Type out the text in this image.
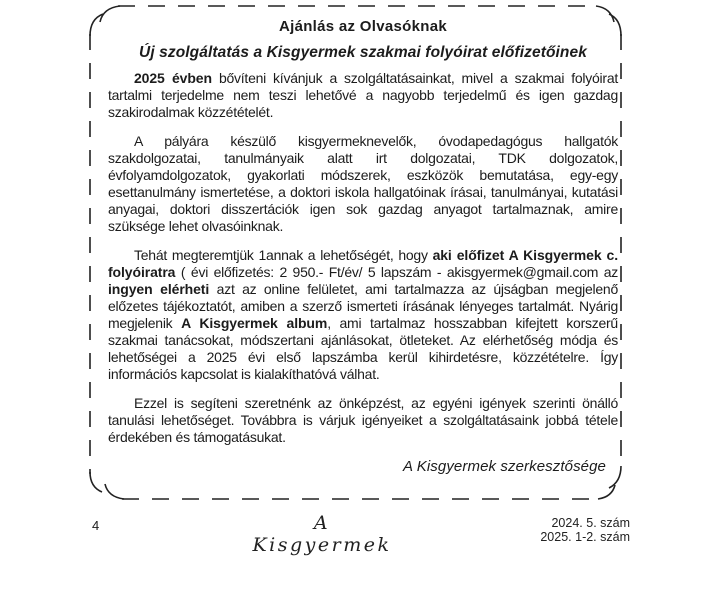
Ajánlás az Olvasóknak
Új szolgáltatás a Kisgyermek szakmai folyóirat előfizetőinek

2025 évben bővíteni kívánjuk a szolgáltatásainkat, mivel a szakmai folyóirat tartalmi terjedelme nem teszi lehetővé a nagyobb terjedelmű és igen gazdag szakirodalmak közzétételét.

A pályára készülő kisgyermeknevelők, óvodapedagógus hallgatók szakdolgozatai, tanulmányaik alatt irt dolgozatai, TDK dolgozatok, évfolyamdolgozatok, gyakorlati módszerek, eszközök bemutatása, egy-egy esettanulmány ismertetése, a doktori iskola hallgatóinak írásai, tanulmányai, kutatási anyagai, doktori disszertációk igen sok gazdag anyagot tartalmaznak, amire szüksége lehet olvasóinknak.

Tehát megteremtjük 1annak a lehetőségét, hogy aki előfizet A Kisgyermek c. folyóiratra ( évi előfizetés: 2 950.- Ft/év/ 5 lapszám - akisgyermek@gmail.com az ingyen elérheti azt az online felületet, ami tartalmazza az újságban megjelenő előzetes tájékoztatót, amiben a szerző ismerteti írásának lényeges tartalmát. Nyárig megjelenik A Kisgyermek album, ami tartalmaz hosszabban kifejtett korszerű szakmai tanácsokat, módszertani ajánlásokat, ötleteket. Az elérhetőség módja és lehetőségei a 2025 évi első lapszámba kerül kihirdetésre, közzétételre. Így információs kapcsolat is kialakíthatóvá válhat.

Ezzel is segíteni szeretnénk az önképzést, az egyéni igények szerinti önálló tanulási lehetőséget. Továbbra is várjuk igényeiket a szolgáltatásaink jobbá tétele érdekében és támogatásukat.

A Kisgyermek szerkesztősége
4	A Kisgyermek
2024. 5. szám
2025. 1-2. szám
